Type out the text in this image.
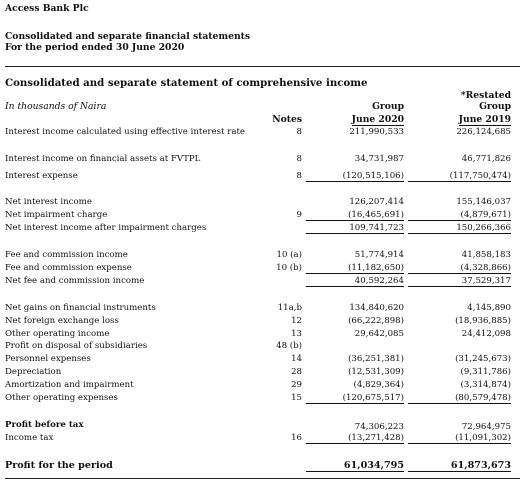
Access Bank Plc
Consolidated and separate financial statements
For the period ended 30 June 2020
Consolidated and separate statement of comprehensive income
In thousands of Naira
*Restated
Group	Group
Notes	June 2020	June 2019
Interest income calculated using effective interest rate	8	211,990,533	226,124,685
Interest income on financial assets at FVTPL	8	34,731,987	46,771,826
Interest expense	8	(120,515,106)	(117,750,474)
Net interest income	126,207,414	155,146,037
Net impairment charge	9	(16,465,691)	(4,879,671)
Net interest income after impairment charges	109,741,723	150,266,366
Fee and commission income	10 (a)	51,774,914	41,858,183
Fee and commission expense	10 (b)	(11,182,650)	(4,328,866)
Net fee and commission income	40,592,264	37,529,317
Net gains on financial instruments	11a,b	134,840,620	4,145,890
Net foreign exchange loss	12	(66,222,898)	(18,936,885)
Other operating income	13	29,642,085	24,412,098
Profit on disposal of subsidiaries	48 (b)
Personnel expenses	14	(36,251,381)	(31,245,673)
Depreciation	28	(12,531,309)	(9,311,786)
Amortization and impairment	29	(4,829,364)	(3,314,874)
Other operating expenses	15	(120,675,517)	(80,579,478)
Profit before tax	74,306,223	72,964,975
Income tax	16	(13,271,428)	(11,091,302)
Profit for the period	61,034,795	61,873,673
